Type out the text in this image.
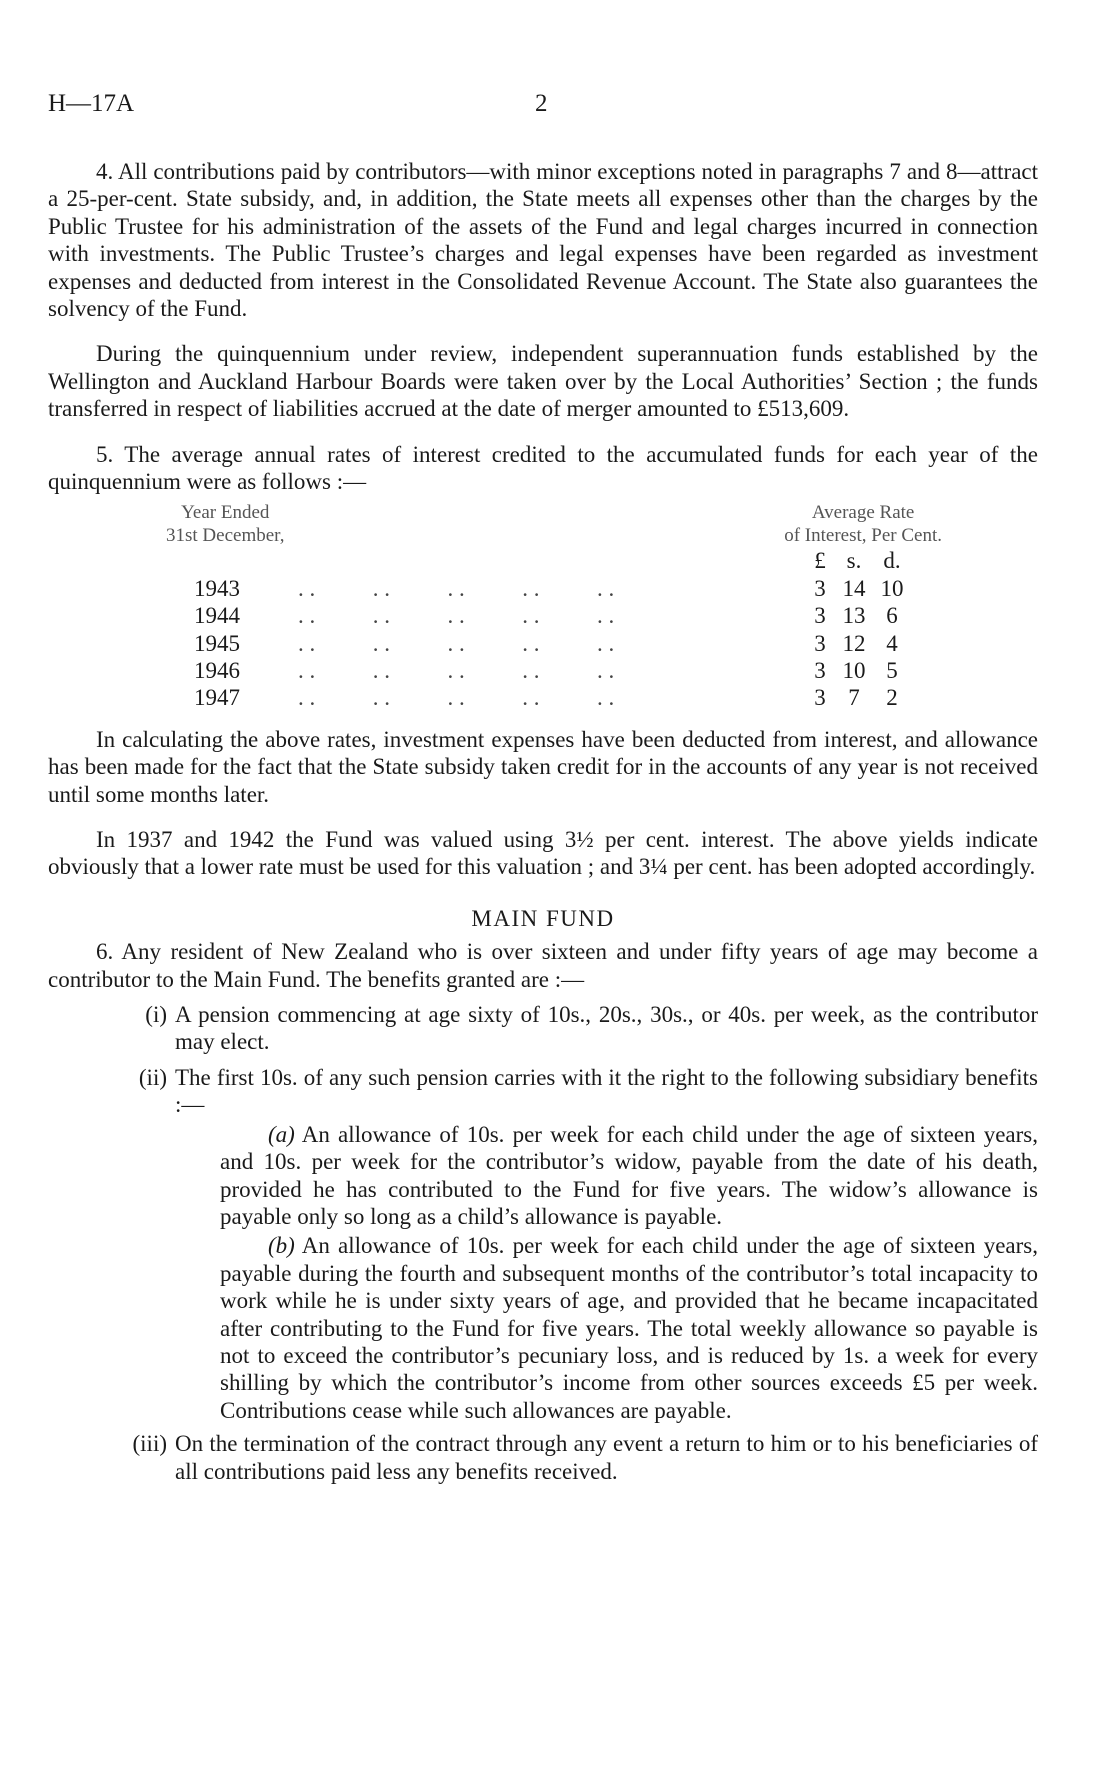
H—17A	2

4. All contributions paid by contributors—with minor exceptions noted in paragraphs 7 and 8—attract a 25-per-cent. State subsidy, and, in addition, the State meets all expenses other than the charges by the Public Trustee for his administration of the assets of the Fund and legal charges incurred in connection with investments. The Public Trustee’s charges and legal expenses have been regarded as investment expenses and deducted from interest in the Consolidated Revenue Account. The State also guarantees the solvency of the Fund.

During the quinquennium under review, independent superannuation funds established by the Wellington and Auckland Harbour Boards were taken over by the Local Authorities’ Section ; the funds transferred in respect of liabilities accrued at the date of merger amounted to £513,609.

5. The average annual rates of interest credited to the accumulated funds for each year of the quinquennium were as follows :—

Year Ended
31st December,
Average Rate
of Interest, Per Cent.
£ s. d.
1943	. .          . .          . .          . .          . .	3 14 10
1944	. .          . .          . .          . .          . .	3 13 6
1945	. .          . .          . .          . .          . .	3 12 4
1946	. .          . .          . .          . .          . .	3 10 5
1947	. .          . .          . .          . .          . .	3 7	2

In calculating the above rates, investment expenses have been deducted from interest, and allowance has been made for the fact that the State subsidy taken credit for in the accounts of any year is not received until some months later.

In 1937 and 1942 the Fund was valued using 3½ per cent. interest. The above yields indicate obviously that a lower rate must be used for this valuation ; and 3¼ per cent. has been adopted accordingly.

MAIN FUND

6. Any resident of New Zealand who is over sixteen and under fifty years of age may become a contributor to the Main Fund. The benefits granted are :—

(i) A pension commencing at age sixty of 10s., 20s., 30s., or 40s. per week, as the contributor may elect.
(ii) The first 10s. of any such pension carries with it the right to the following subsidiary benefits :—
(a) An allowance of 10s. per week for each child under the age of sixteen years, and 10s. per week for the contributor’s widow, payable from the date of his death, provided he has contributed to the Fund for five years. The widow’s allowance is payable only so long as a child’s allowance is payable.
(b) An allowance of 10s. per week for each child under the age of sixteen years, payable during the fourth and subsequent months of the contributor’s total incapacity to work while he is under sixty years of age, and provided that he became incapacitated after contributing to the Fund for five years. The total weekly allowance so payable is not to exceed the contributor’s pecuniary loss, and is reduced by 1s. a week for every shilling by which the contributor’s income from other sources exceeds £5 per week. Contributions cease while such allowances are payable.
(iii) On the termination of the contract through any event a return to him or to his beneficiaries of all contributions paid less any benefits received.
